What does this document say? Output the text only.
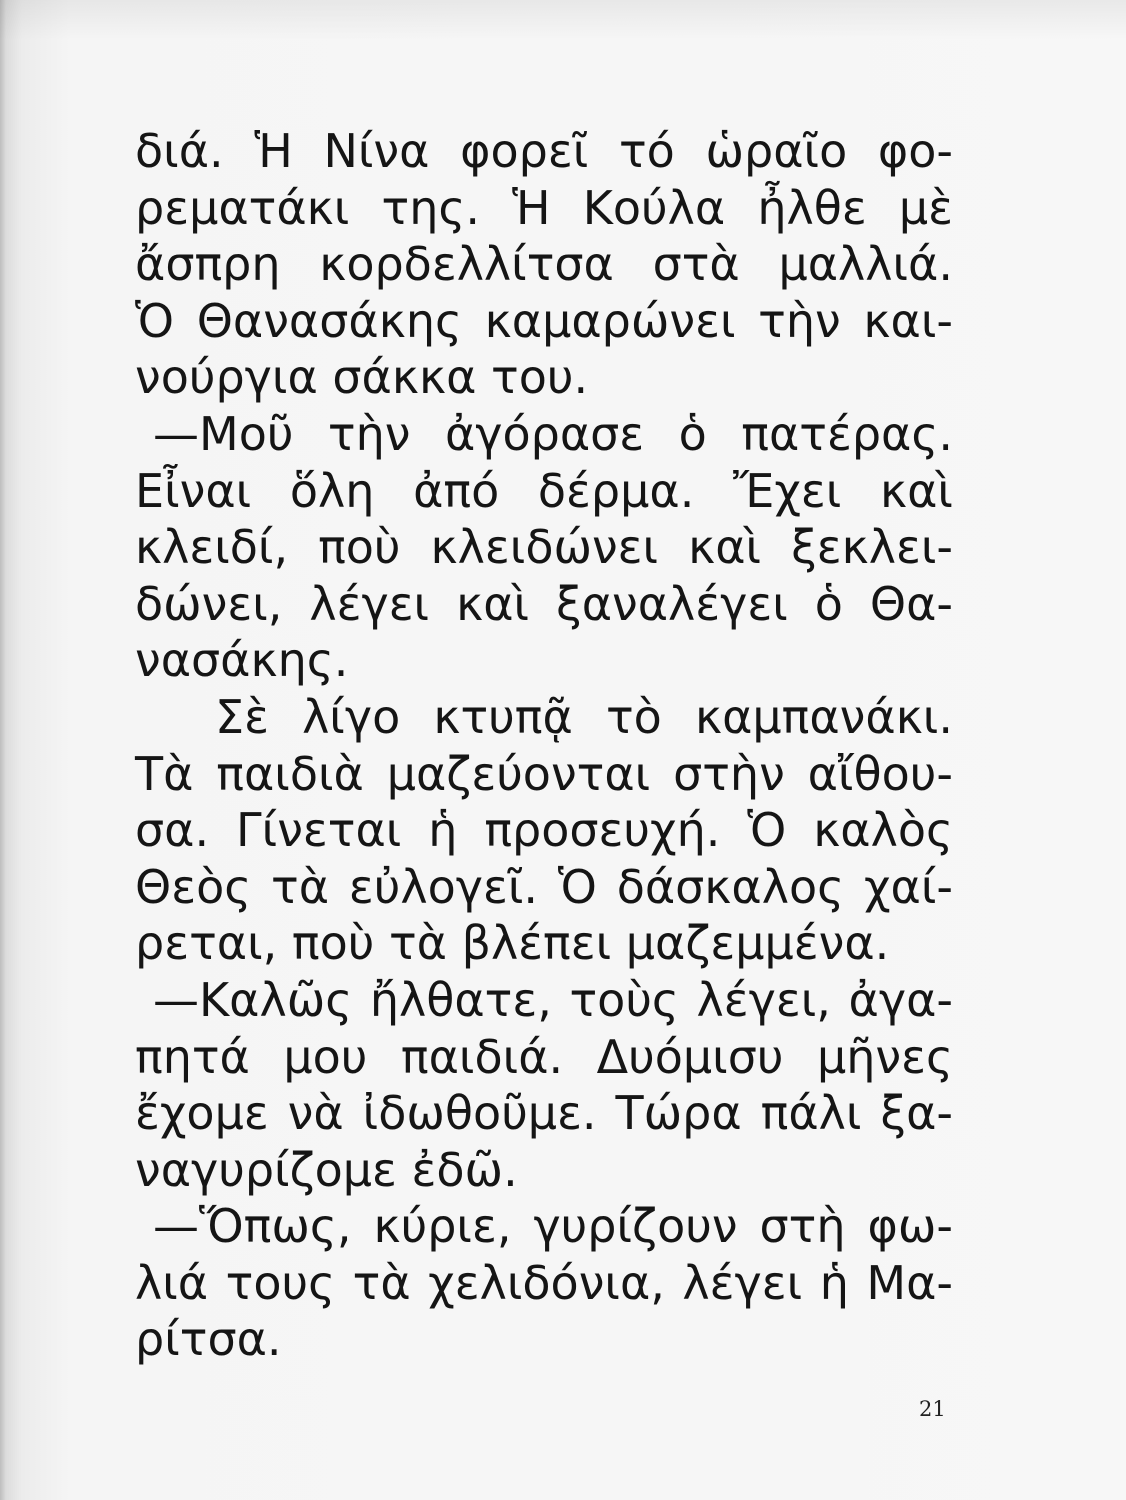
διά. Ἡ Νίνα φορεῖ τό ὡραῖο φο-
ρεματάκι της. Ἡ Κούλα ἦλθε μὲ
ἄσπρη κορδελλίτσα στὰ μαλλιά.
Ὁ Θανασάκης καμαρώνει τὴν και-
νούργια σάκκα του.
—Μοῦ τὴν ἀγόρασε ὁ πατέρας.
Εἶναι ὅλη ἀπό δέρμα. Ἔχει καὶ
κλειδί, ποὺ κλειδώνει καὶ ξεκλει-
δώνει, λέγει καὶ ξαναλέγει ὁ Θα-
νασάκης.
Σὲ λίγο κτυπᾷ τὸ καμπανάκι.
Τὰ παιδιὰ μαζεύονται στὴν αἴθου-
σα. Γίνεται ἡ προσευχή. Ὁ καλὸς
Θεὸς τὰ εὐλογεῖ. Ὁ δάσκαλος χαί-
ρεται, ποὺ τὰ βλέπει μαζεμμένα.
—Καλῶς ἤλθατε, τοὺς λέγει, ἀγα-
πητά μου παιδιά. Δυόμισυ μῆνες
ἔχομε νὰ ἰδωθοῦμε. Τώρα πάλι ξα-
ναγυρίζομε ἐδῶ.
—Ὅπως, κύριε, γυρίζουν στὴ φω-
λιά τους τὰ χελιδόνια, λέγει ἡ Μα-
ρίτσα.
21
